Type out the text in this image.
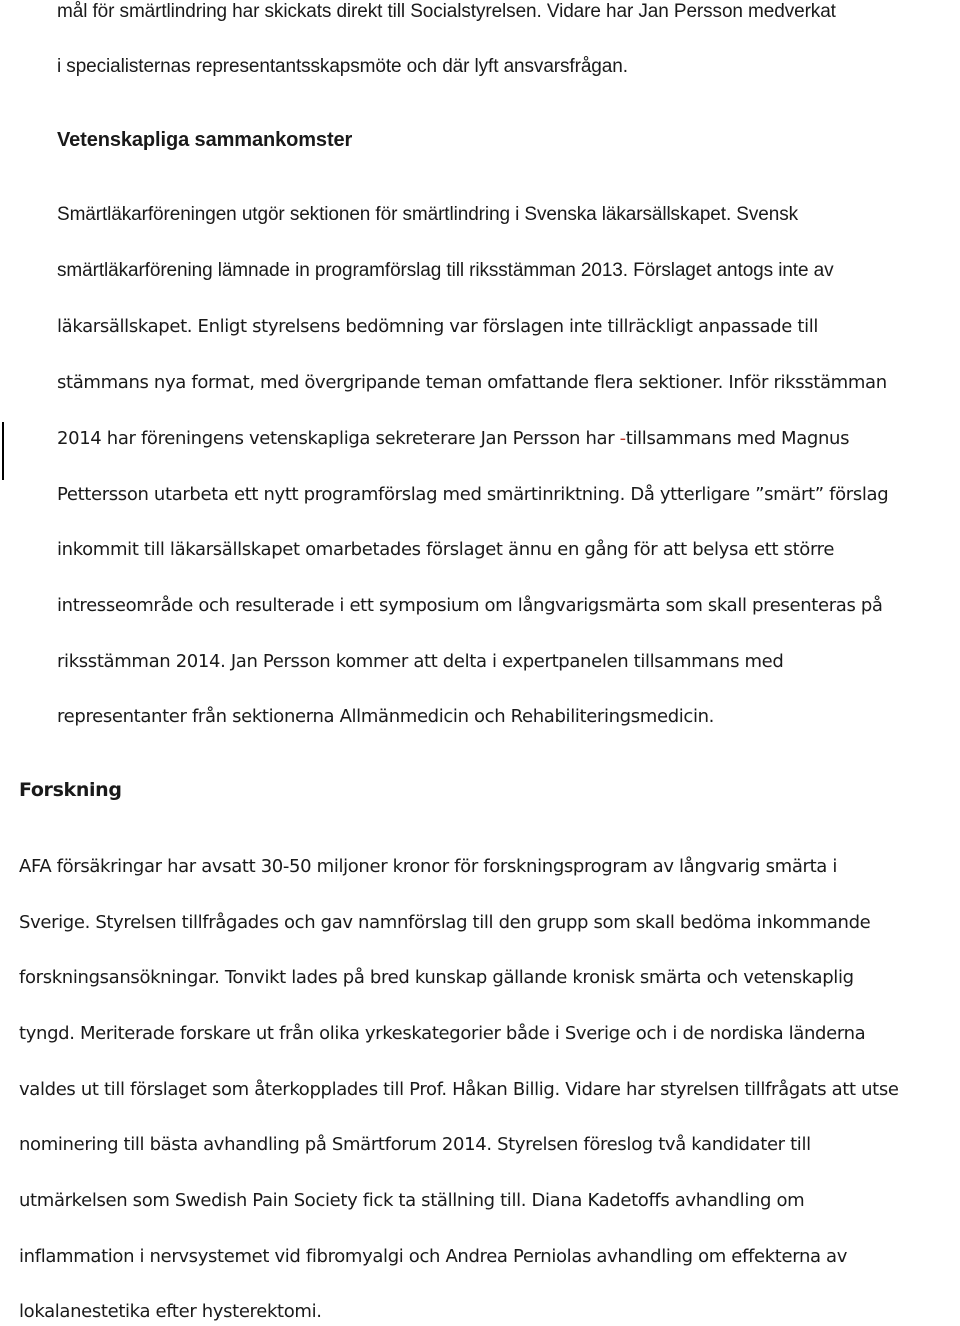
mål för smärtlindring har skickats direkt till Socialstyrelsen. Vidare har Jan Persson medverkat
i specialisternas representantsskapsmöte och där lyft ansvarsfrågan.
Vetenskapliga sammankomster
Smärtläkarföreningen utgör sektionen för smärtlindring i Svenska läkarsällskapet. Svensk
smärtläkarförening lämnade in programförslag till riksstämman 2013. Förslaget antogs inte av
läkarsällskapet. Enligt styrelsens bedömning var förslagen inte tillräckligt anpassade till
stämmans nya format, med övergripande teman omfattande flera sektioner. Inför riksstämman
2014 har föreningens vetenskapliga sekreterare Jan Persson har -tillsammans med Magnus
Pettersson utarbeta ett nytt programförslag med smärtinriktning. Då ytterligare ”smärt” förslag
inkommit till läkarsällskapet omarbetades förslaget ännu en gång för att belysa ett större
intresseområde och resulterade i ett symposium om långvarigsmärta som skall presenteras på
riksstämman 2014. Jan Persson kommer att delta i expertpanelen tillsammans med
representanter från sektionerna Allmänmedicin och Rehabiliteringsmedicin.
Forskning
AFA försäkringar har avsatt 30-50 miljoner kronor för forskningsprogram av långvarig smärta i
Sverige. Styrelsen tillfrågades och gav namnförslag till den grupp som skall bedöma inkommande
forskningsansökningar. Tonvikt lades på bred kunskap gällande kronisk smärta och vetenskaplig
tyngd. Meriterade forskare ut från olika yrkeskategorier både i Sverige och i de nordiska länderna
valdes ut till förslaget som återkopplades till Prof. Håkan Billig. Vidare har styrelsen tillfrågats att utse
nominering till bästa avhandling på Smärtforum 2014. Styrelsen föreslog två kandidater till
utmärkelsen som Swedish Pain Society fick ta ställning till. Diana Kadetoffs avhandling om
inflammation i nervsystemet vid fibromyalgi och Andrea Perniolas avhandling om effekterna av
lokalanestetika efter hysterektomi.
